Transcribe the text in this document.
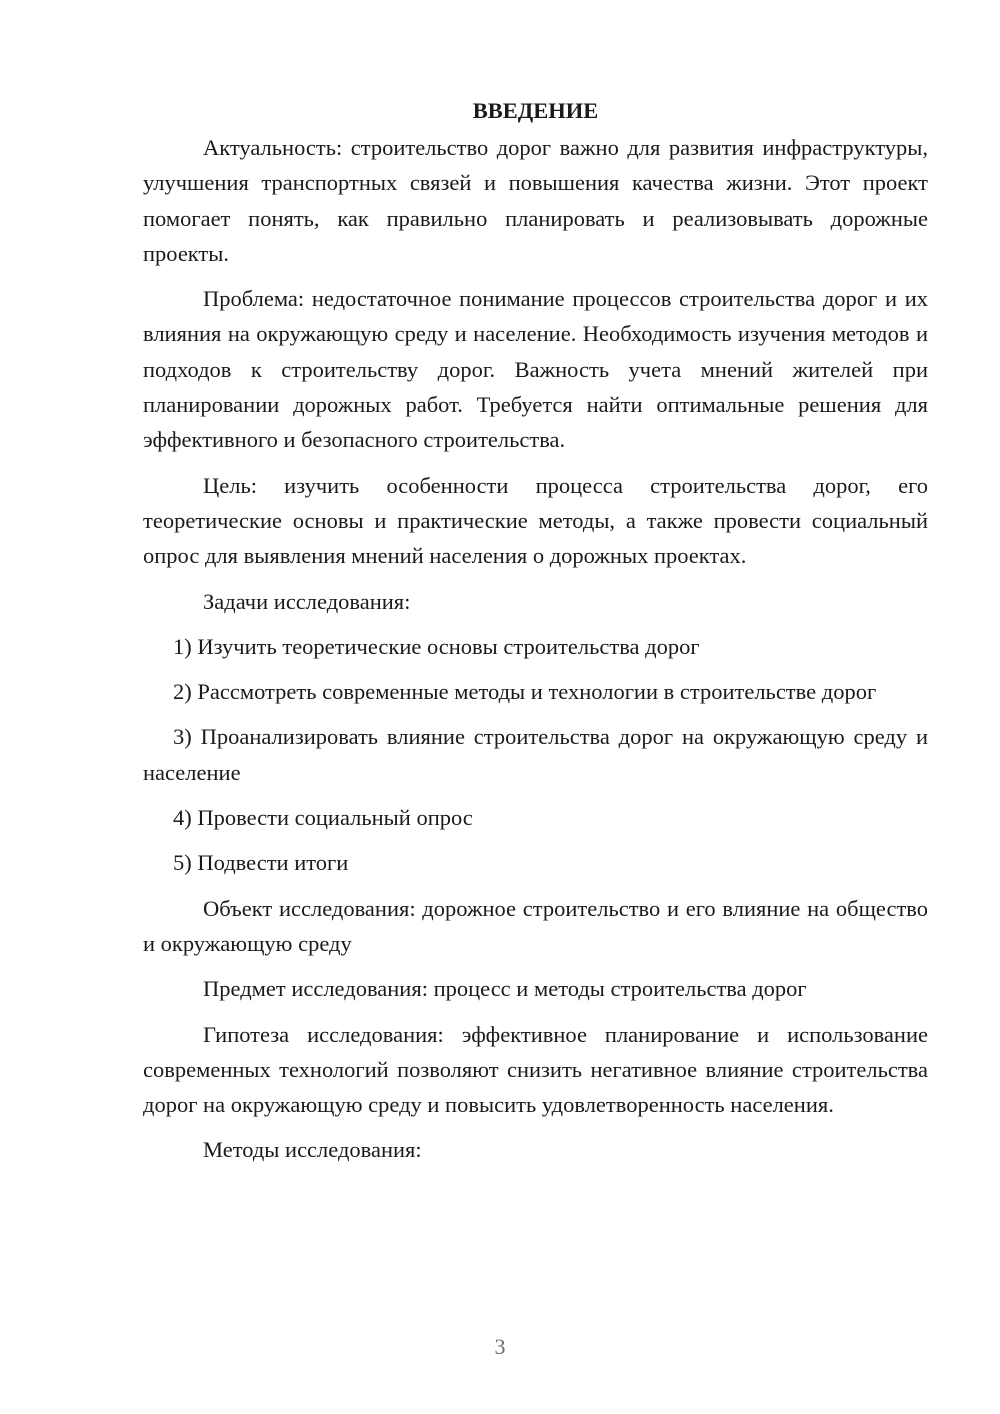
ВВЕДЕНИЕ

Актуальность: строительство дорог важно для развития инфраструктуры, улучшения транспортных связей и повышения качества жизни. Этот проект помогает понять, как правильно планировать и реализовывать дорожные проекты.

Проблема: недостаточное понимание процессов строительства дорог и их влияния на окружающую среду и население. Необходимость изучения методов и подходов к строительству дорог. Важность учета мнений жителей при планировании дорожных работ. Требуется найти оптимальные решения для эффективного и безопасного строительства.

Цель: изучить особенности процесса строительства дорог, его теоретические основы и практические методы, а также провести социальный опрос для выявления мнений населения о дорожных проектах.

Задачи исследования:

1) Изучить теоретические основы строительства дорог

2) Рассмотреть современные методы и технологии в строительстве дорог

3) Проанализировать влияние строительства дорог на окружающую среду и население

4) Провести социальный опрос

5) Подвести итоги

Объект исследования: дорожное строительство и его влияние на общество и окружающую среду

Предмет исследования: процесс и методы строительства дорог

Гипотеза исследования: эффективное планирование и использование современных технологий позволяют снизить негативное влияние строительства дорог на окружающую среду и повысить удовлетворенность населения.

Методы исследования:

3
